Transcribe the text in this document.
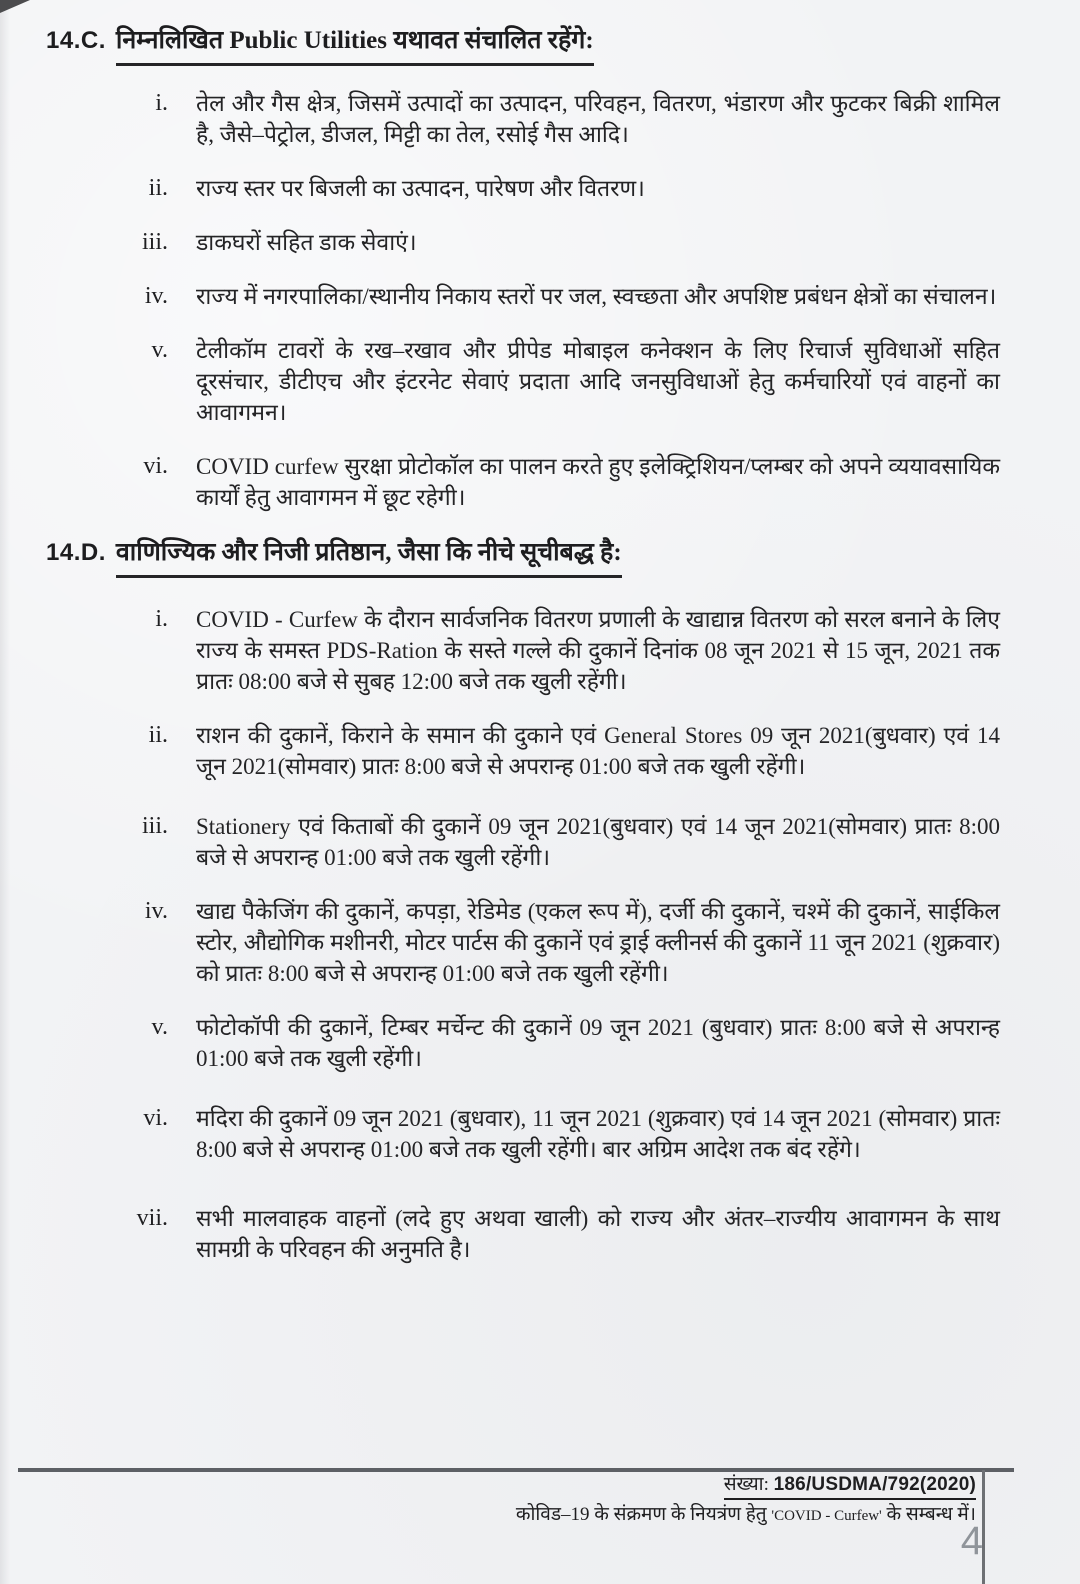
14.C. निम्नलिखित Public Utilities यथावत संचालित रहेंगे:
i. तेल और गैस क्षेत्र, जिसमें उत्पादों का उत्पादन, परिवहन, वितरण, भंडारण और फुटकर बिक्री शामिल है, जैसे–पेट्रोल, डीजल, मिट्टी का तेल, रसोई गैस आदि।
ii. राज्य स्तर पर बिजली का उत्पादन, पारेषण और वितरण।
iii. डाकघरों सहित डाक सेवाएं।
iv. राज्य में नगरपालिका/स्थानीय निकाय स्तरों पर जल, स्वच्छता और अपशिष्ट प्रबंधन क्षेत्रों का संचालन।
v. टेलीकॉम टावरों के रख–रखाव और प्रीपेड मोबाइल कनेक्शन के लिए रिचार्ज सुविधाओं सहित दूरसंचार, डीटीएच और इंटरनेट सेवाएं प्रदाता आदि जनसुविधाओं हेतु कर्मचारियों एवं वाहनों का आवागमन।
vi. COVID curfew सुरक्षा प्रोटोकॉल का पालन करते हुए इलेक्ट्रिशियन/प्लम्बर को अपने व्ययावसायिक कार्यों हेतु आवागमन में छूट रहेगी।
14.D. वाणिज्यिक और निजी प्रतिष्ठान, जैसा कि नीचे सूचीबद्ध है:
i. COVID - Curfew के दौरान सार्वजनिक वितरण प्रणाली के खाद्यान्न वितरण को सरल बनाने के लिए राज्य के समस्त PDS-Ration के सस्ते गल्ले की दुकानें दिनांक 08 जून 2021 से 15 जून, 2021 तक प्रातः 08:00 बजे से सुबह 12:00 बजे तक खुली रहेंगी।
ii. राशन की दुकानें, किराने के समान की दुकाने एवं General Stores 09 जून 2021(बुधवार) एवं 14 जून 2021(सोमवार) प्रातः 8:00 बजे से अपरान्ह 01:00 बजे तक खुली रहेंगी।
iii. Stationery एवं किताबों की दुकानें 09 जून 2021(बुधवार) एवं 14 जून 2021(सोमवार) प्रातः 8:00 बजे से अपरान्ह 01:00 बजे तक खुली रहेंगी।
iv. खाद्य पैकेजिंग की दुकानें, कपड़ा, रेडिमेड (एकल रूप में), दर्जी की दुकानें, चश्में की दुकानें, साईकिल स्टोर, औद्योगिक मशीनरी, मोटर पार्टस की दुकानें एवं ड्राई क्लीनर्स की दुकानें 11 जून 2021 (शुक्रवार) को प्रातः 8:00 बजे से अपरान्ह 01:00 बजे तक खुली रहेंगी।
v. फोटोकॉपी की दुकानें, टिम्बर मर्चेन्ट की दुकानें 09 जून 2021 (बुधवार) प्रातः 8:00 बजे से अपरान्ह 01:00 बजे तक खुली रहेंगी।
vi. मदिरा की दुकानें 09 जून 2021 (बुधवार), 11 जून 2021 (शुक्रवार) एवं 14 जून 2021 (सोमवार) प्रातः 8:00 बजे से अपरान्ह 01:00 बजे तक खुली रहेंगी। बार अग्रिम आदेश तक बंद रहेंगे।
vii. सभी मालवाहक वाहनों (लदे हुए अथवा खाली) को राज्य और अंतर–राज्यीय आवागमन के साथ सामग्री के परिवहन की अनुमति है।
संख्या: 186/USDMA/792(2020)
कोविड–19 के संक्रमण के नियत्रंण हेतु 'COVID - Curfew' के सम्बन्ध में।
4
